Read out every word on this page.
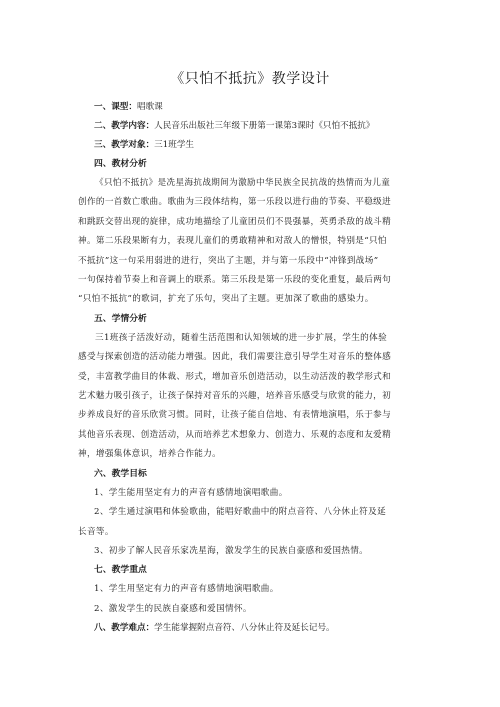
《只怕不抵抗》教学设计
一、课型：唱歌课
二、教学内容：人民音乐出版社三年级下册第一课第3课时《只怕不抵抗》
三、教学对象：三1班学生
四、教材分析
《只怕不抵抗》是冼星海抗战期间为激励中华民族全民抗战的热情而为儿童
创作的一首数亡歌曲。歌曲为三段体结构，第一乐段以进行曲的节奏、平稳级进
和跳跃交替出现的旋律，成功地描绘了儿童团员们不畏强暴，英勇杀敌的战斗精
神。第二乐段果断有力，表现儿童们的勇敢精神和对敌人的憎恨，特别是“只怕
不抵抗”这一句采用弱进的进行，突出了主题，并与第一乐段中“冲锋到战场”
一句保持着节奏上和音调上的联系。第三乐段是第一乐段的变化重复，最后两句
“只怕不抵抗”的歌词，扩充了乐句，突出了主题。更加深了歌曲的感染力。
五、学情分析
三1班孩子活泼好动，随着生活范围和认知领域的进一步扩展，学生的体验
感受与探索创造的活动能力增强。因此，我们需要注意引导学生对音乐的整体感
受，丰富教学曲目的体裁、形式，增加音乐创造活动，以生动活泼的教学形式和
艺术魅力吸引孩子，让孩子保持对音乐的兴趣，培养音乐感受与欣赏的能力，初
步养成良好的音乐欣赏习惯。同时，让孩子能自信地、有表情地演唱，乐于参与
其他音乐表现、创造活动，从而培养艺术想象力、创造力、乐观的态度和友爱精
神，增强集体意识，培养合作能力。
六、教学目标
1、学生能用坚定有力的声音有感情地演唱歌曲。
2、学生通过演唱和体验歌曲，能唱好歌曲中的附点音符、八分休止符及延
长音等。
3、初步了解人民音乐家冼星海，激发学生的民族自豪感和爱国热情。
七、教学重点
1、学生用坚定有力的声音有感情地演唱歌曲。
2、激发学生的民族自豪感和爱国情怀。
八、教学难点：学生能掌握附点音符、八分休止符及延长记号。
